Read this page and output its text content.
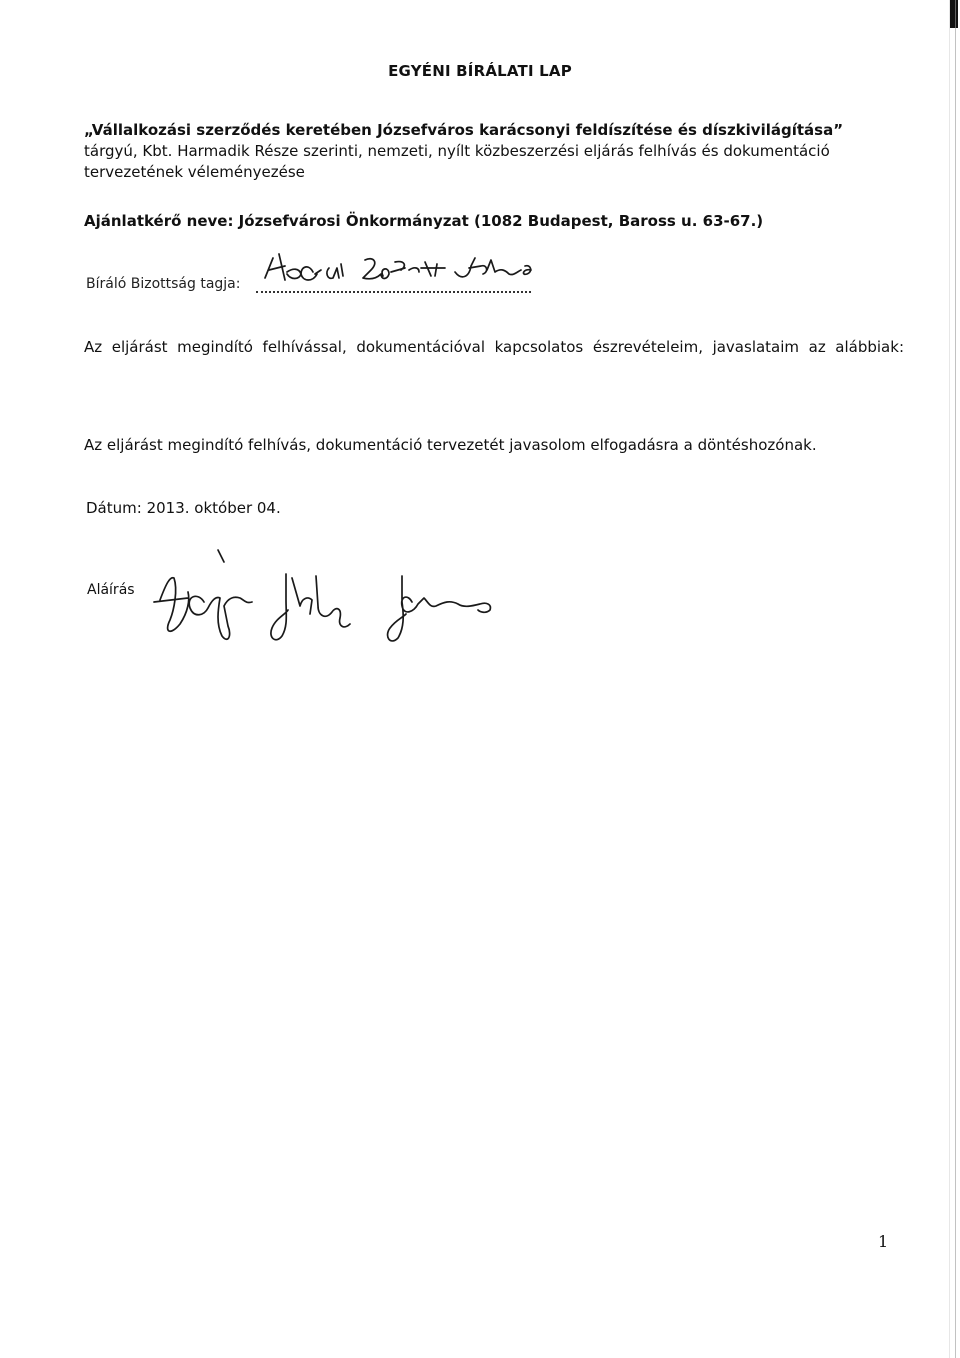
EGYÉNI BÍRÁLATI LAP
„Vállalkozási szerződés keretében Józsefváros karácsonyi feldíszítése és díszkivilágítása”
tárgyú, Kbt. Harmadik Része szerinti, nemzeti, nyílt közbeszerzési eljárás felhívás és dokumentáció tervezetének véleményezése
Ajánlatkérő neve: Józsefvárosi Önkormányzat (1082 Budapest, Baross u. 63-67.)
Bíráló Bizottság tagja:
Az eljárást megindító felhívással, dokumentációval kapcsolatos észrevételeim, javaslataim az alábbiak:
Az eljárást megindító felhívás, dokumentáció tervezetét javasolom elfogadásra a döntéshozónak.
Dátum: 2013. október 04.
Aláírás
1
